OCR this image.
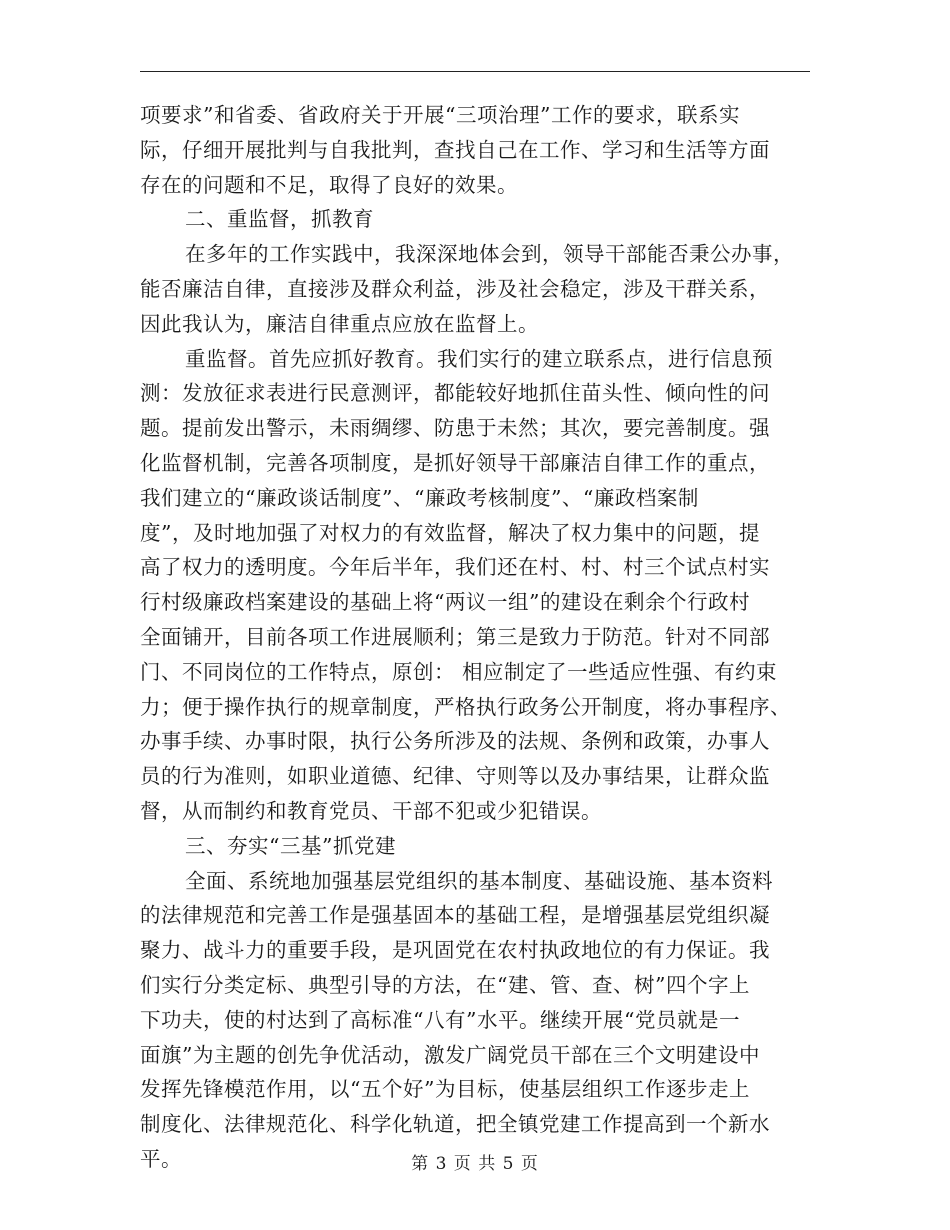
项要求”和省委、省政府关于开展“三项治理”工作的要求，联系实
际，仔细开展批判与自我批判，查找自己在工作、学习和生活等方面
存在的问题和不足，取得了良好的效果。
二、重监督，抓教育
在多年的工作实践中，我深深地体会到，领导干部能否秉公办事，
能否廉洁自律，直接涉及群众利益，涉及社会稳定，涉及干群关系，
因此我认为，廉洁自律重点应放在监督上。
重监督。首先应抓好教育。我们实行的建立联系点，进行信息预
测：发放征求表进行民意测评，都能较好地抓住苗头性、倾向性的问
题。提前发出警示，未雨绸缪、防患于未然；其次，要完善制度。强
化监督机制，完善各项制度，是抓好领导干部廉洁自律工作的重点，
我们建立的“廉政谈话制度”、“廉政考核制度”、“廉政档案制
度”，及时地加强了对权力的有效监督，解决了权力集中的问题，提
高了权力的透明度。今年后半年，我们还在村、村、村三个试点村实
行村级廉政档案建设的基础上将“两议一组”的建设在剩余个行政村
全面铺开，目前各项工作进展顺利；第三是致力于防范。针对不同部
门、不同岗位的工作特点，原创： 相应制定了一些适应性强、有约束
力；便于操作执行的规章制度，严格执行政务公开制度，将办事程序、
办事手续、办事时限，执行公务所涉及的法规、条例和政策，办事人
员的行为准则，如职业道德、纪律、守则等以及办事结果，让群众监
督，从而制约和教育党员、干部不犯或少犯错误。
三、夯实“三基”抓党建
全面、系统地加强基层党组织的基本制度、基础设施、基本资料
的法律规范和完善工作是强基固本的基础工程，是增强基层党组织凝
聚力、战斗力的重要手段，是巩固党在农村执政地位的有力保证。我
们实行分类定标、典型引导的方法，在“建、管、查、树”四个字上
下功夫，使的村达到了高标准“八有”水平。继续开展“党员就是一
面旗”为主题的创先争优活动，激发广阔党员干部在三个文明建设中
发挥先锋模范作用，以“五个好”为目标，使基层组织工作逐步走上
制度化、法律规范化、科学化轨道，把全镇党建工作提高到一个新水
平。	第 3 页 共 5 页
